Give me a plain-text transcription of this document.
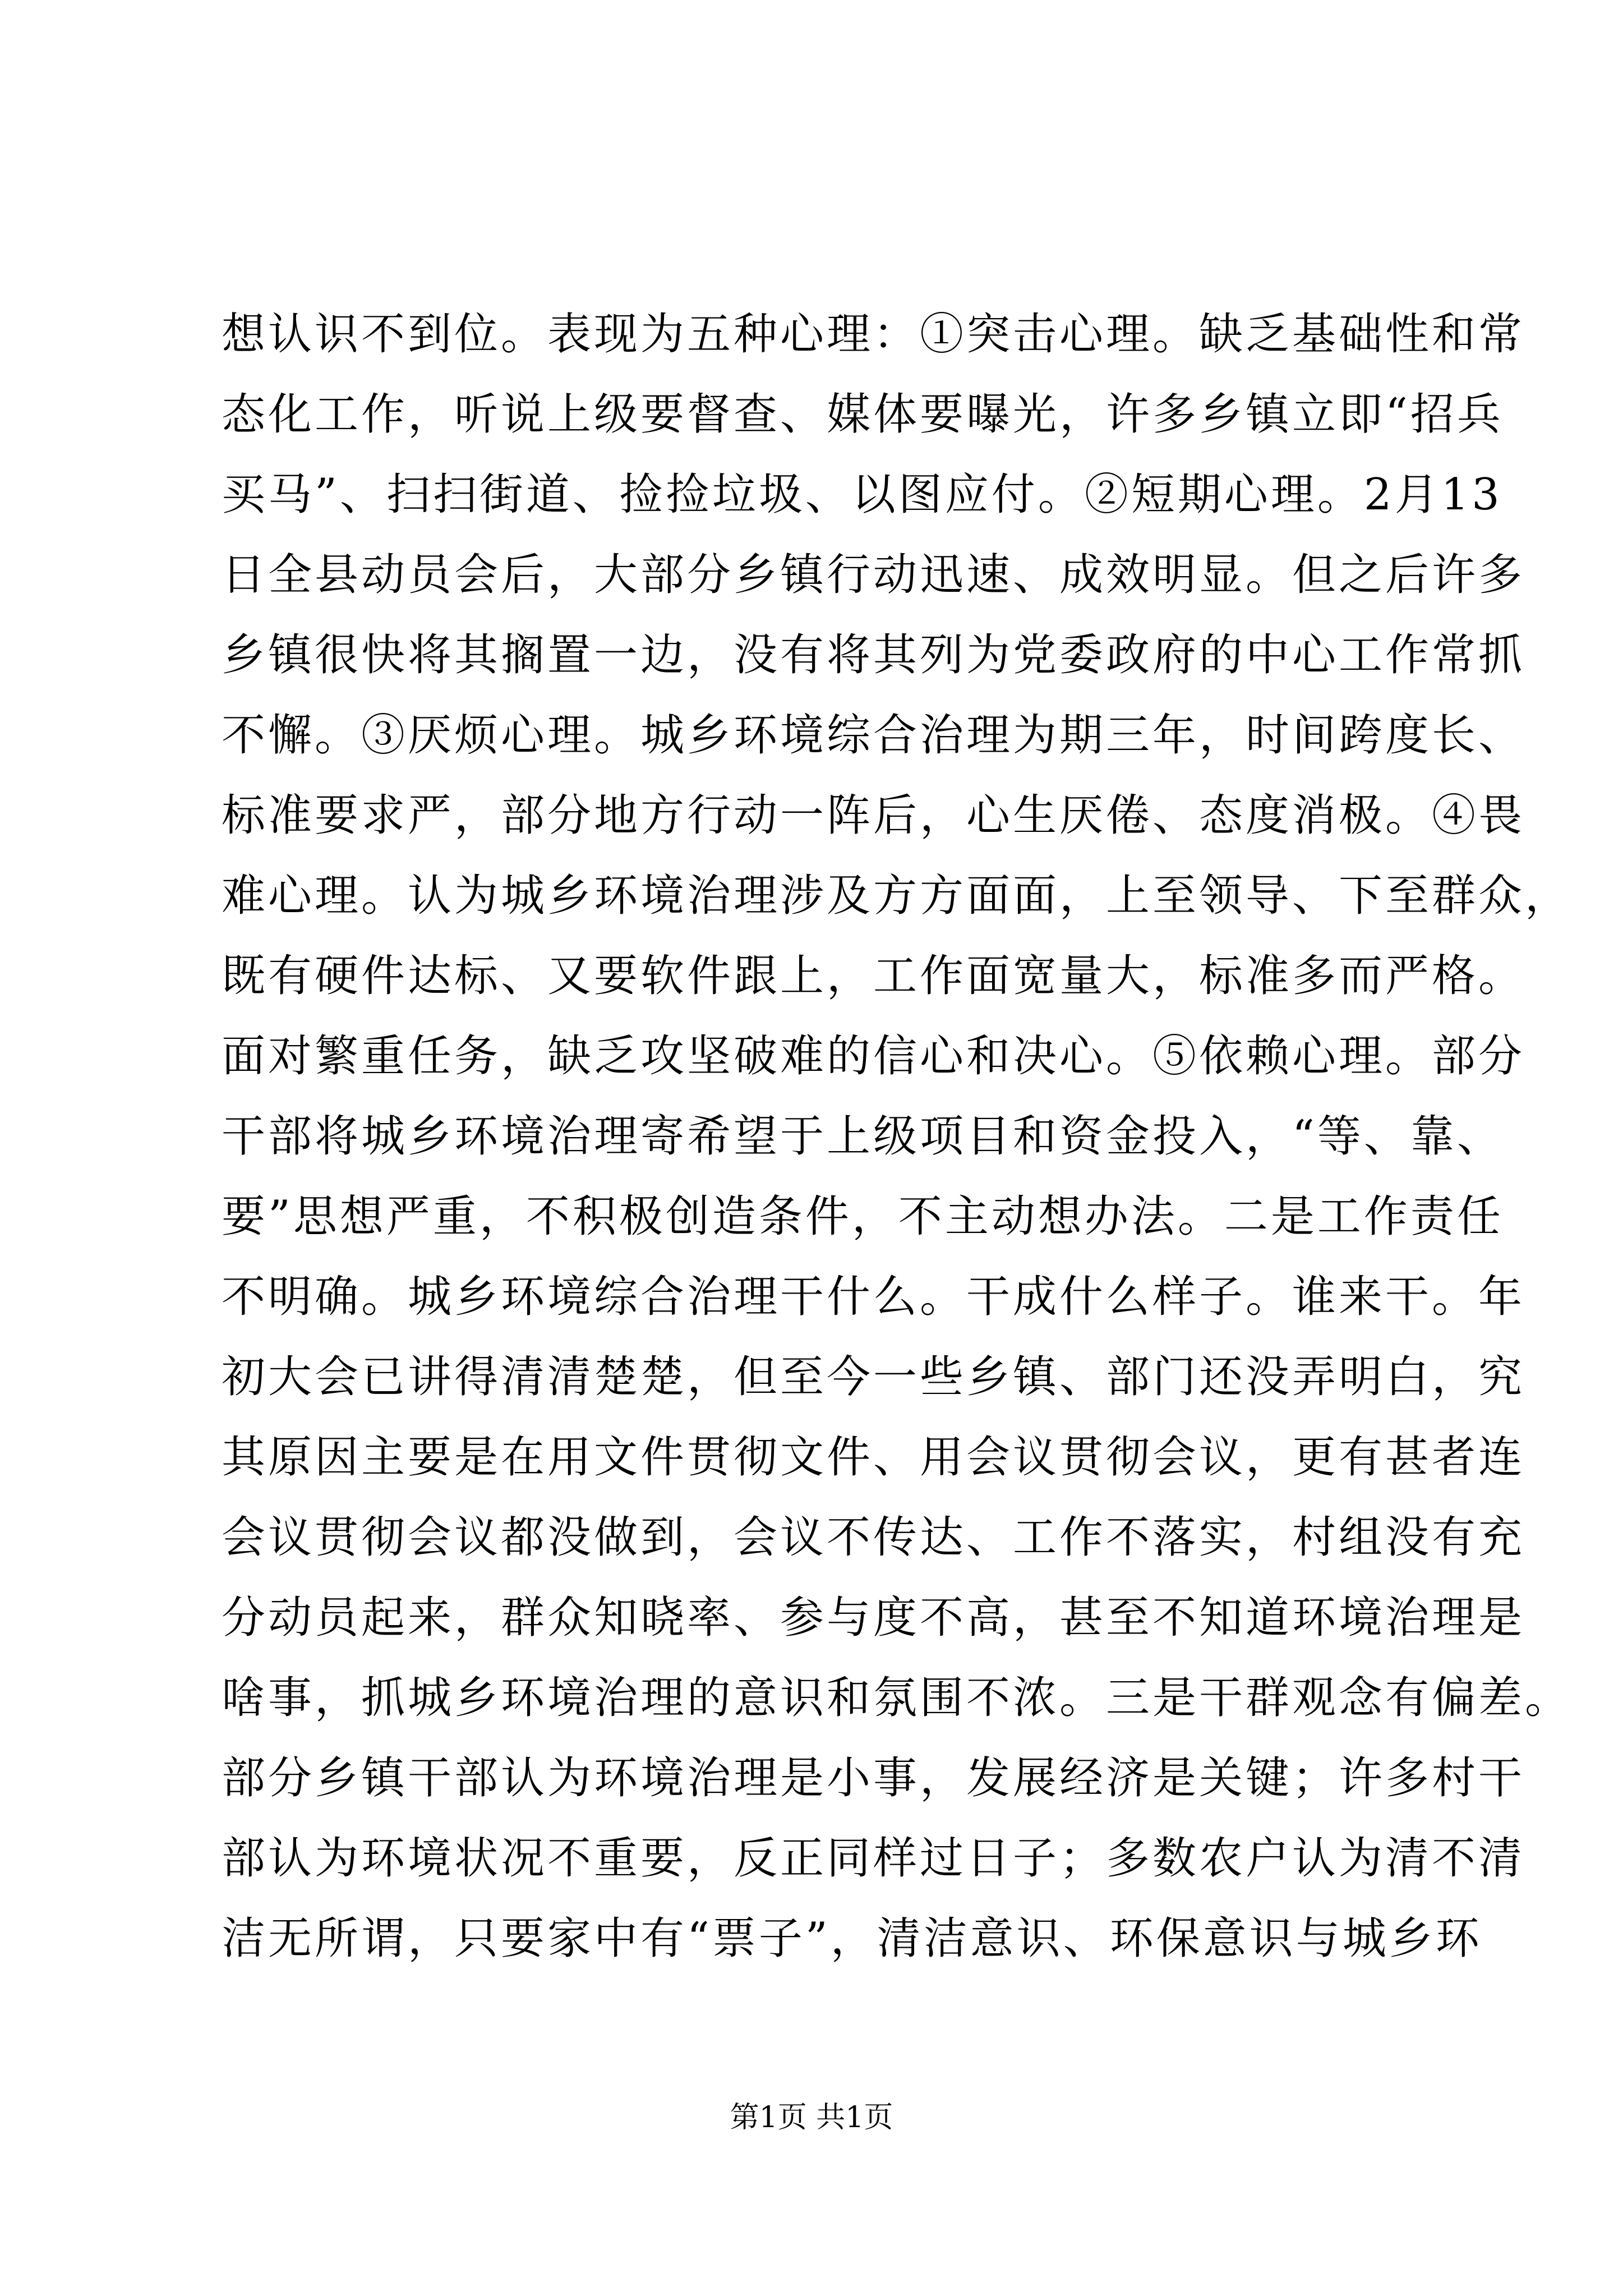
想认识不到位。表现为五种心理：①突击心理。缺乏基础性和常
态化工作，听说上级要督查、媒体要曝光，许多乡镇立即“招兵
买马”、扫扫街道、捡捡垃圾、以图应付。②短期心理。2月13
日全县动员会后，大部分乡镇行动迅速、成效明显。但之后许多
乡镇很快将其搁置一边，没有将其列为党委政府的中心工作常抓
不懈。③厌烦心理。城乡环境综合治理为期三年，时间跨度长、
标准要求严，部分地方行动一阵后，心生厌倦、态度消极。④畏
难心理。认为城乡环境治理涉及方方面面，上至领导、下至群众，
既有硬件达标、又要软件跟上，工作面宽量大，标准多而严格。
面对繁重任务，缺乏攻坚破难的信心和决心。⑤依赖心理。部分
干部将城乡环境治理寄希望于上级项目和资金投入，“等、靠、
要”思想严重，不积极创造条件，不主动想办法。二是工作责任
不明确。城乡环境综合治理干什么。干成什么样子。谁来干。年
初大会已讲得清清楚楚，但至今一些乡镇、部门还没弄明白，究
其原因主要是在用文件贯彻文件、用会议贯彻会议，更有甚者连
会议贯彻会议都没做到，会议不传达、工作不落实，村组没有充
分动员起来，群众知晓率、参与度不高，甚至不知道环境治理是
啥事，抓城乡环境治理的意识和氛围不浓。三是干群观念有偏差。
部分乡镇干部认为环境治理是小事，发展经济是关键；许多村干
部认为环境状况不重要，反正同样过日子；多数农户认为清不清
洁无所谓，只要家中有“票子”，清洁意识、环保意识与城乡环
第1页 共1页
